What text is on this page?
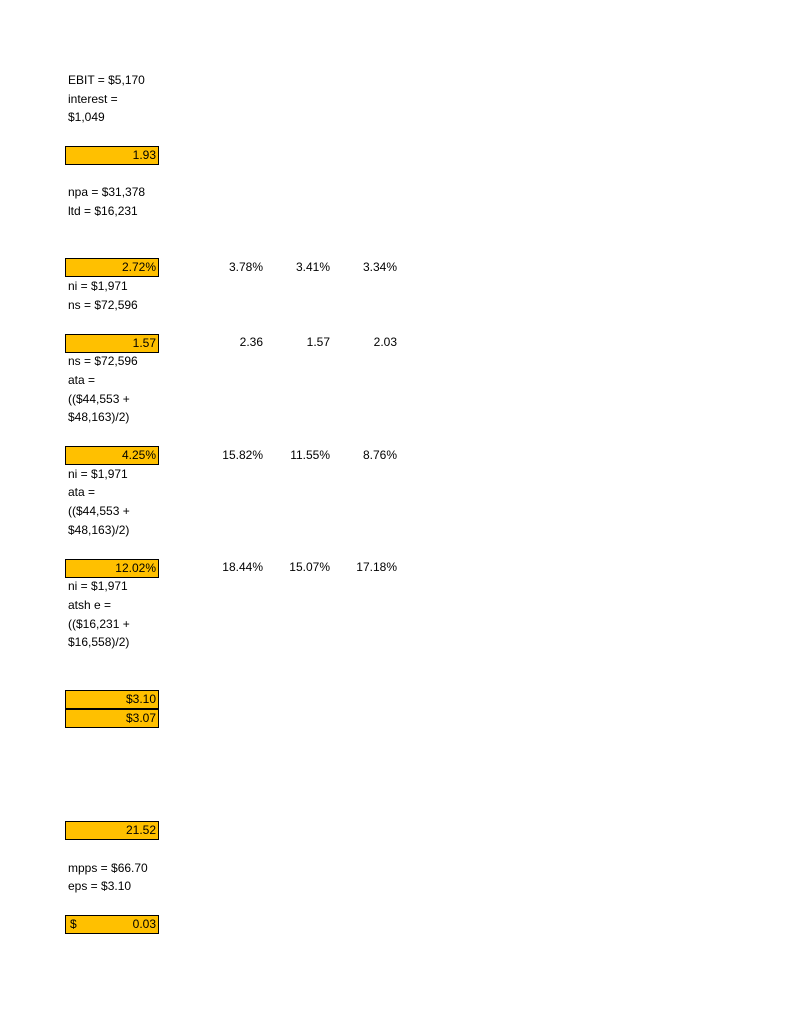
EBIT = $5,170
interest =
$1,049
1.93
npa = $31,378
ltd = $16,231
2.72%	3.78%	3.41%	3.34%
ni = $1,971
ns = $72,596
1.57	2.36	1.57	2.03
ns = $72,596
ata =
(($44,553 +
$48,163)/2)
4.25%	15.82%	11.55%	8.76%
ni = $1,971
ata =
(($44,553 +
$48,163)/2)
12.02%	18.44%	15.07%	17.18%
ni = $1,971
atsh e =
(($16,231 +
$16,558)/2)
$3.10
$3.07
21.52
mpps = $66.70
eps = $3.10
$	0.03
